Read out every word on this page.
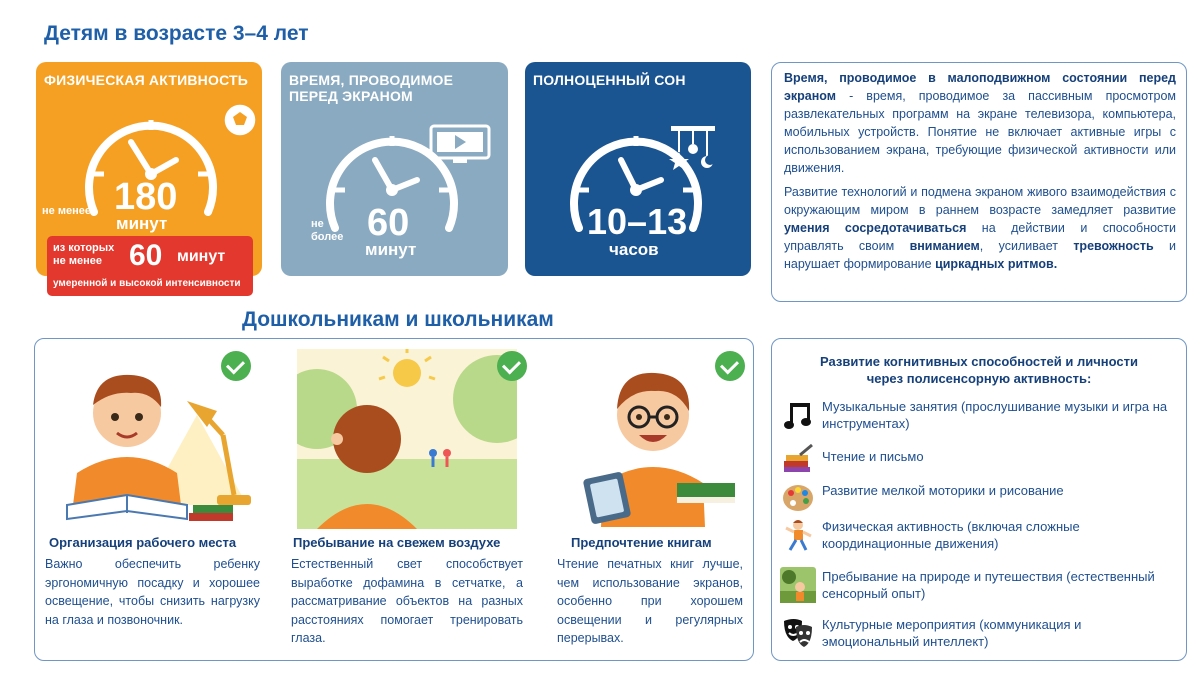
Детям в возрасте 3–4 лет
Дошкольникам и школьникам
ФИЗИЧЕСКАЯ АКТИВНОСТЬ
не менее 180
минут
из которых не менее 60 минут
умеренной и высокой интенсивности
ВРЕМЯ, ПРОВОДИМОЕ ПЕРЕД ЭКРАНОМ
не более 60
минут
ПОЛНОЦЕННЫЙ СОН
10–13
часов

Время, проводимое в малоподвижном состоянии перед экраном - время, проводимое за пассивным просмотром развлекательных программ на экране телевизора, компьютера, мобильных устройств. Понятие не включает активные игры с использованием экрана, требующие физической активности или движения.

Развитие технологий и подмена экраном живого взаимодействия с окружающим миром в раннем возрасте замедляет развитие умения сосредотачиваться на действии и способности управлять своим вниманием, усиливает тревожность и нарушает формирование циркадных ритмов.

Организация рабочего места
Важно обеспечить ребенку эргономичную посадку и хорошее освещение, чтобы снизить нагрузку на глаза и позвоночник.
Пребывание на свежем воздухе
Естественный свет способствует выработке дофамина в сетчатке, а рассматривание объектов на разных расстояниях помогает тренировать глаза.
Предпочтение книгам
Чтение печатных книг лучше, чем использование экранов, особенно при хорошем освещении и регулярных перерывах.
Развитие когнитивных способностей и личности через полисенсорную активность:
Музыкальные занятия (прослушивание музыки и игра на инструментах)
Чтение и письмо
Развитие мелкой моторики и рисование
Физическая активность (включая сложные координационные движения)
Пребывание на природе и путешествия (естественный сенсорный опыт)
Культурные мероприятия (коммуникация и эмоциональный интеллект)
